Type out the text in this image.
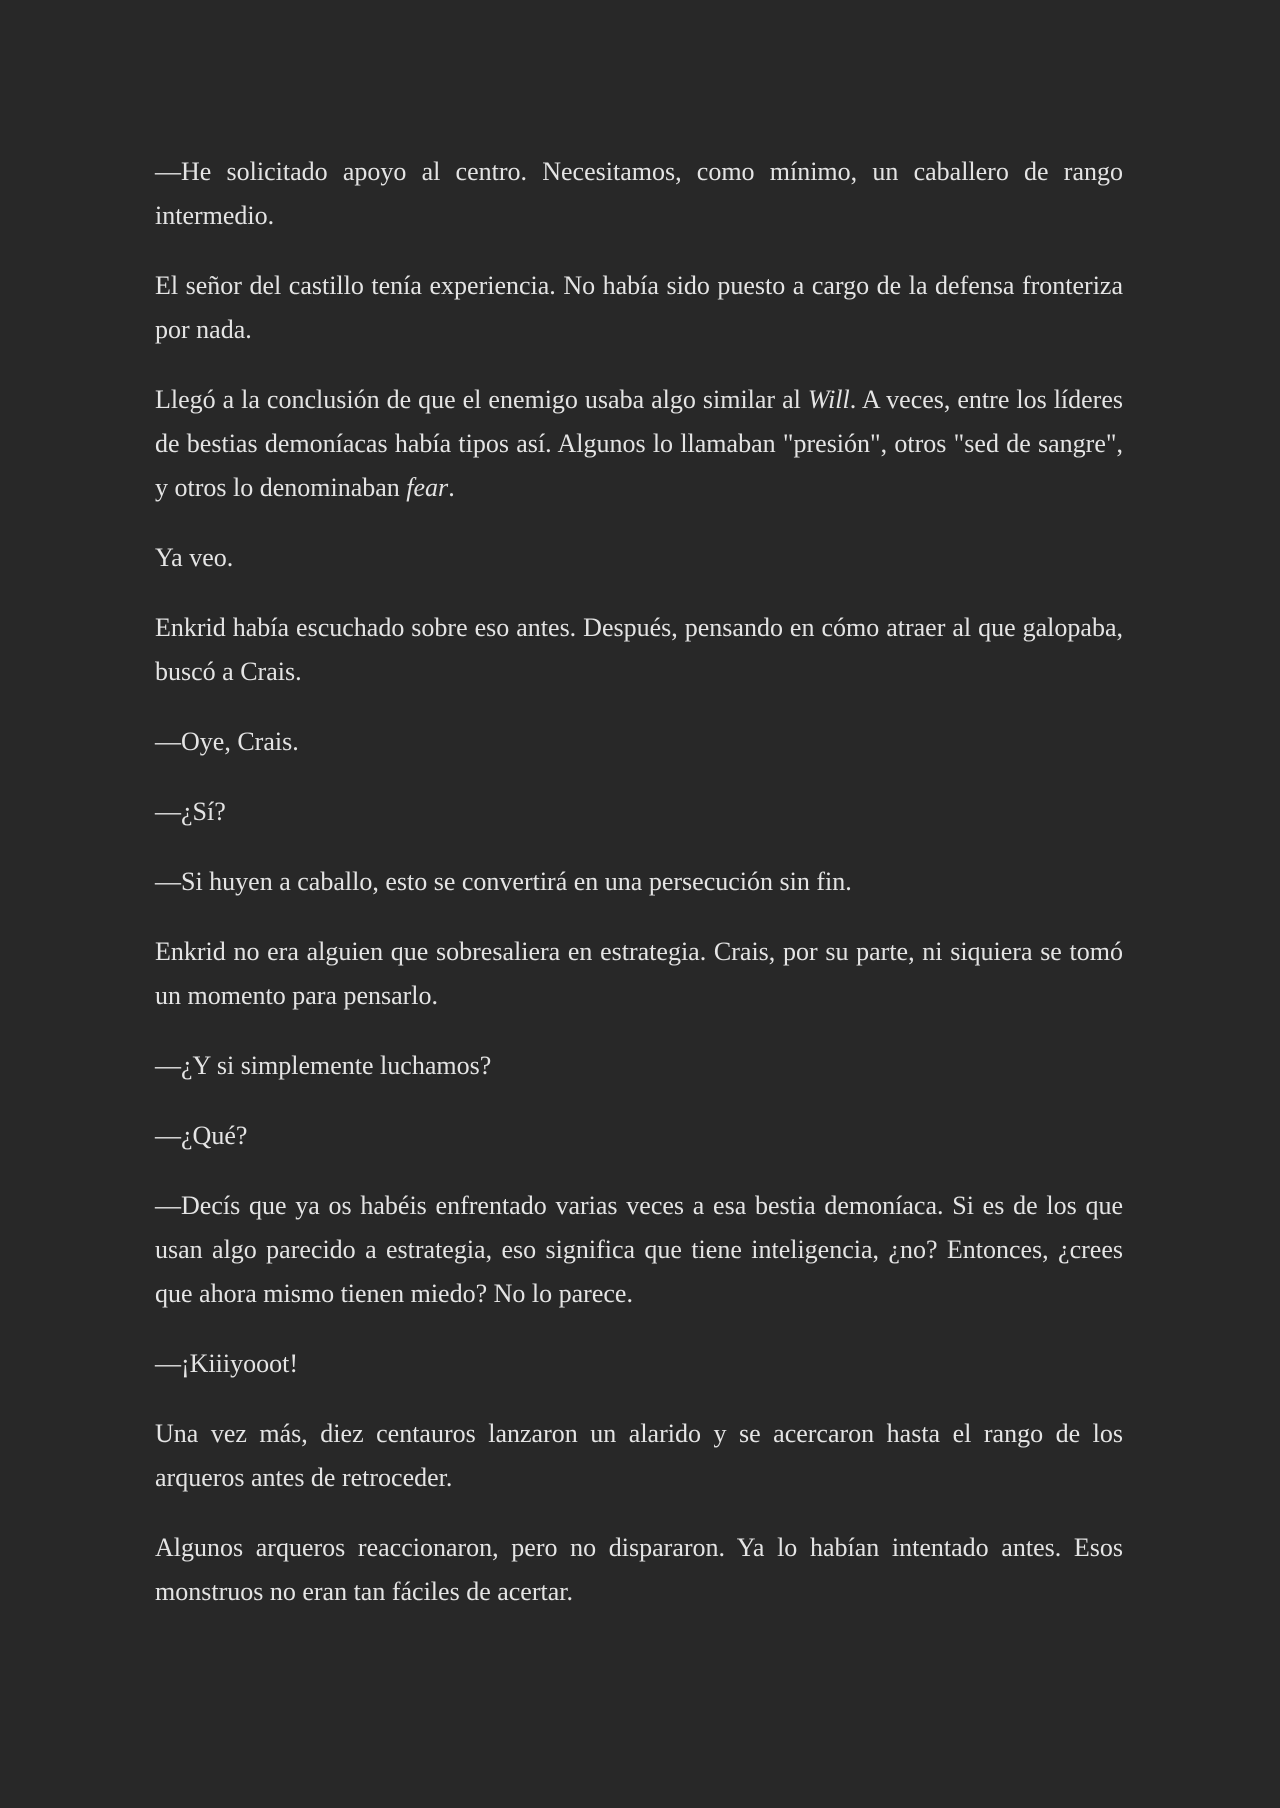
—He solicitado apoyo al centro. Necesitamos, como mínimo, un caballero de rango intermedio.

El señor del castillo tenía experiencia. No había sido puesto a cargo de la defensa fronteriza por nada.

Llegó a la conclusión de que el enemigo usaba algo similar al Will. A veces, entre los líderes de bestias demoníacas había tipos así. Algunos lo llamaban "presión", otros "sed de sangre", y otros lo denominaban fear.

Ya veo.

Enkrid había escuchado sobre eso antes. Después, pensando en cómo atraer al que galopaba, buscó a Crais.

—Oye, Crais.

—¿Sí?

—Si huyen a caballo, esto se convertirá en una persecución sin fin.

Enkrid no era alguien que sobresaliera en estrategia. Crais, por su parte, ni siquiera se tomó un momento para pensarlo.

—¿Y si simplemente luchamos?

—¿Qué?

—Decís que ya os habéis enfrentado varias veces a esa bestia demoníaca. Si es de los que usan algo parecido a estrategia, eso significa que tiene inteligencia, ¿no? Entonces, ¿crees que ahora mismo tienen miedo? No lo parece.

—¡Kiiiyooot!

Una vez más, diez centauros lanzaron un alarido y se acercaron hasta el rango de los arqueros antes de retroceder.

Algunos arqueros reaccionaron, pero no dispararon. Ya lo habían intentado antes. Esos monstruos no eran tan fáciles de acertar.
